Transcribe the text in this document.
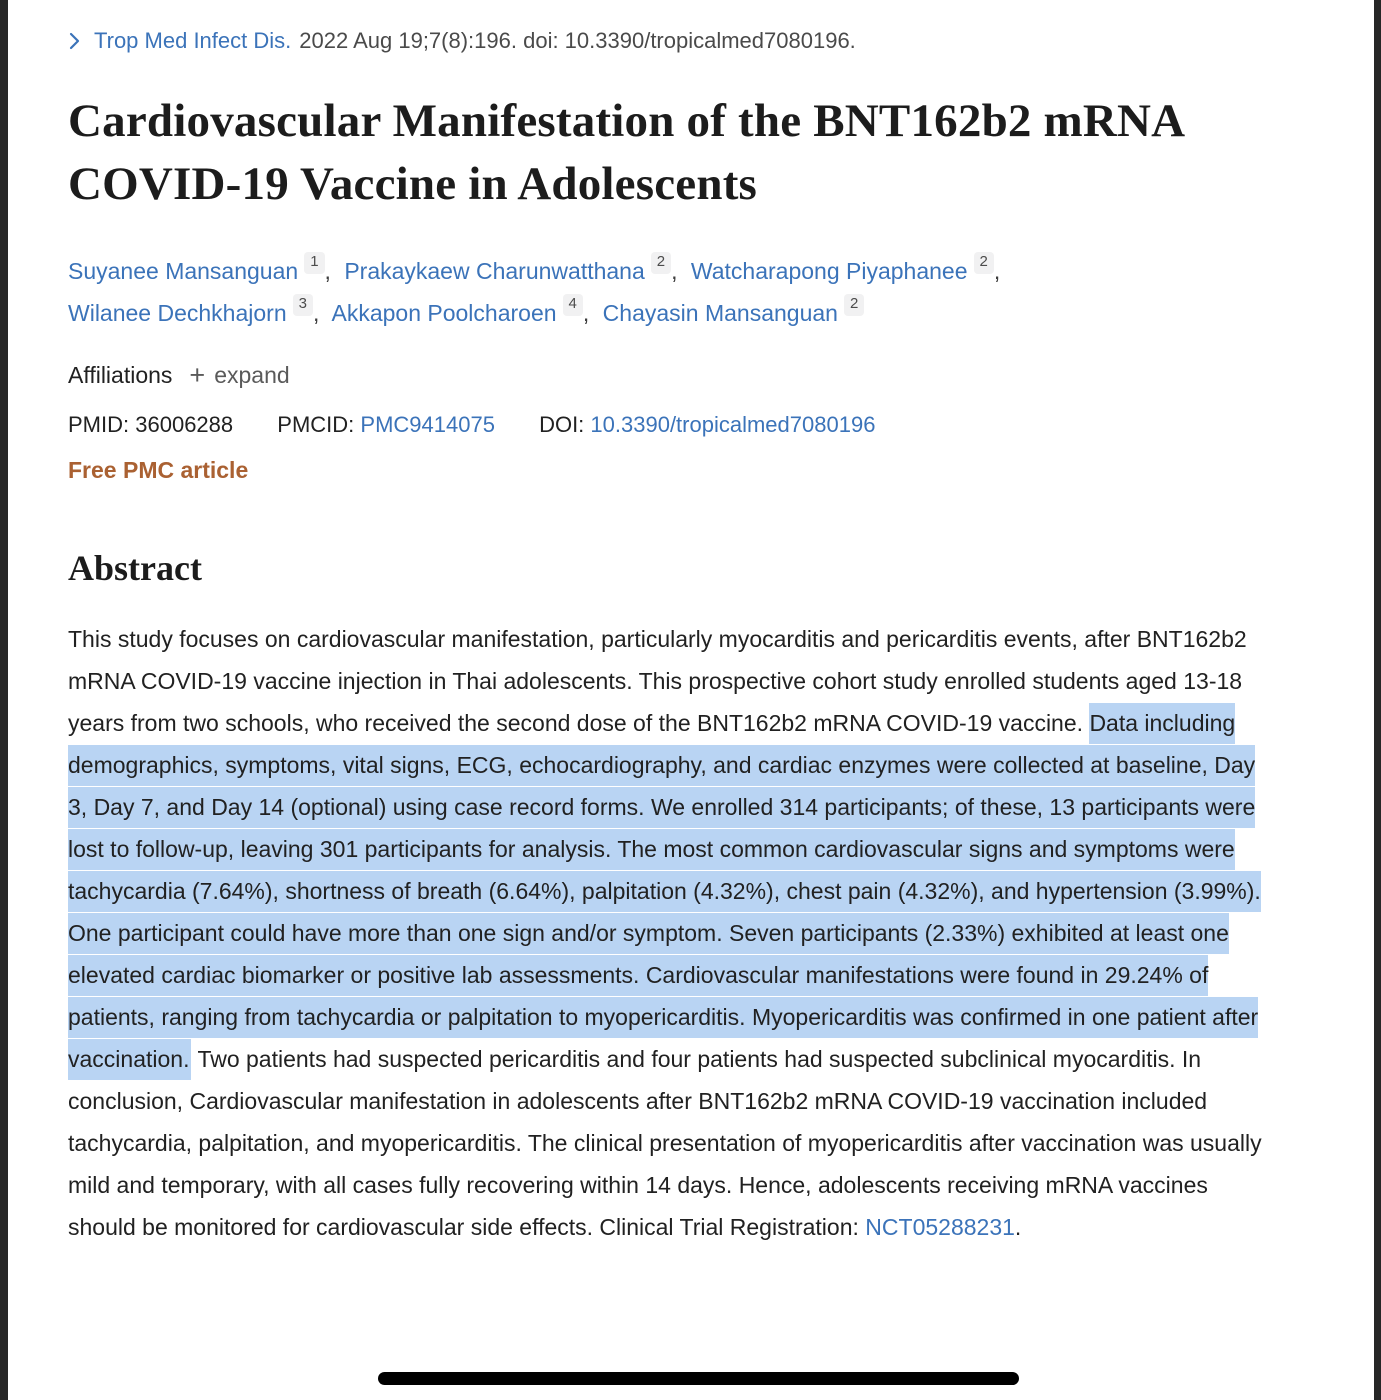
Trop Med Infect Dis. 2022 Aug 19;7(8):196. doi: 10.3390/tropicalmed7080196.
Cardiovascular Manifestation of the BNT162b2 mRNA COVID-19 Vaccine in Adolescents
Suyanee Mansanguan $^1$ , Prakaykaew Charunwatthana $^2$ , Watcharapong Piyaphanee $^2$ ,
Wilanee Dechkhajorn $^3$ , Akkapon Poolcharoen $^4$ , Chayasin Mansanguan $^2$
Affiliations + expand
PMID: 36006288 PMCID: PMC9414075 DOI: 10.3390/tropicalmed7080196
Free PMC article
Abstract

This study focuses on cardiovascular manifestation, particularly myocarditis and pericarditis events, after BNT162b2 mRNA COVID-19 vaccine injection in Thai adolescents. This prospective cohort study enrolled students aged 13-18 years from two schools, who received the second dose of the BNT162b2 mRNA COVID-19 vaccine. Data including demographics, symptoms, vital signs, ECG, echocardiography, and cardiac enzymes were collected at baseline, Day 3, Day 7, and Day 14 (optional) using case record forms. We enrolled 314 participants; of these, 13 participants were lost to follow-up, leaving 301 participants for analysis. The most common cardiovascular signs and symptoms were tachycardia (7.64%), shortness of breath (6.64%), palpitation (4.32%), chest pain (4.32%), and hypertension (3.99%). One participant could have more than one sign and/or symptom. Seven participants (2.33%) exhibited at least one elevated cardiac biomarker or positive lab assessments. Cardiovascular manifestations were found in 29.24% of patients, ranging from tachycardia or palpitation to myopericarditis. Myopericarditis was confirmed in one patient after vaccination. Two patients had suspected pericarditis and four patients had suspected subclinical myocarditis. In conclusion, Cardiovascular manifestation in adolescents after BNT162b2 mRNA COVID-19 vaccination included tachycardia, palpitation, and myopericarditis. The clinical presentation of myopericarditis after vaccination was usually mild and temporary, with all cases fully recovering within 14 days. Hence, adolescents receiving mRNA vaccines should be monitored for cardiovascular side effects. Clinical Trial Registration: NCT05288231.
